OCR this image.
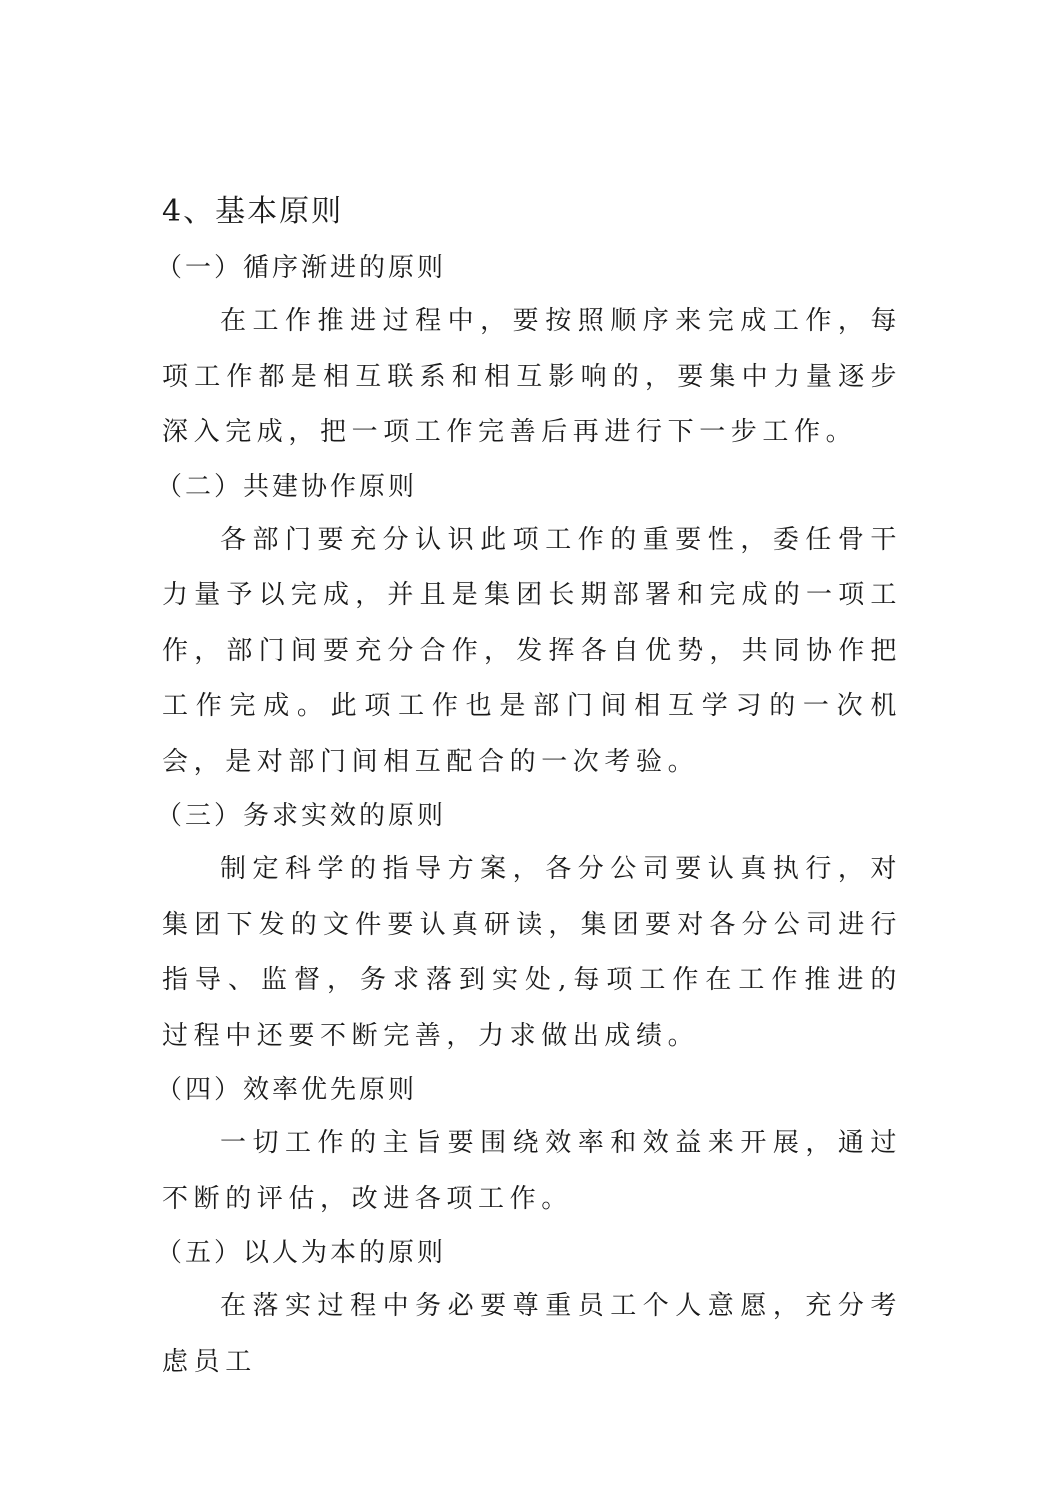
4、基本原则
（一）循序渐进的原则

在工作推进过程中，要按照顺序来完成工作，每项工作都是相互联系和相互影响的，要集中力量逐步深入完成，把一项工作完善后再进行下一步工作。

（二）共建协作原则

各部门要充分认识此项工作的重要性，委任骨干力量予以完成，并且是集团长期部署和完成的一项工作，部门间要充分合作，发挥各自优势，共同协作把工作完成。此项工作也是部门间相互学习的一次机会，是对部门间相互配合的一次考验。

（三）务求实效的原则

制定科学的指导方案，各分公司要认真执行，对集团下发的文件要认真研读，集团要对各分公司进行指导、监督，务求落到实处,每项工作在工作推进的过程中还要不断完善，力求做出成绩。

（四）效率优先原则

一切工作的主旨要围绕效率和效益来开展，通过不断的评估，改进各项工作。

（五）以人为本的原则

在落实过程中务必要尊重员工个人意愿，充分考虑员工
